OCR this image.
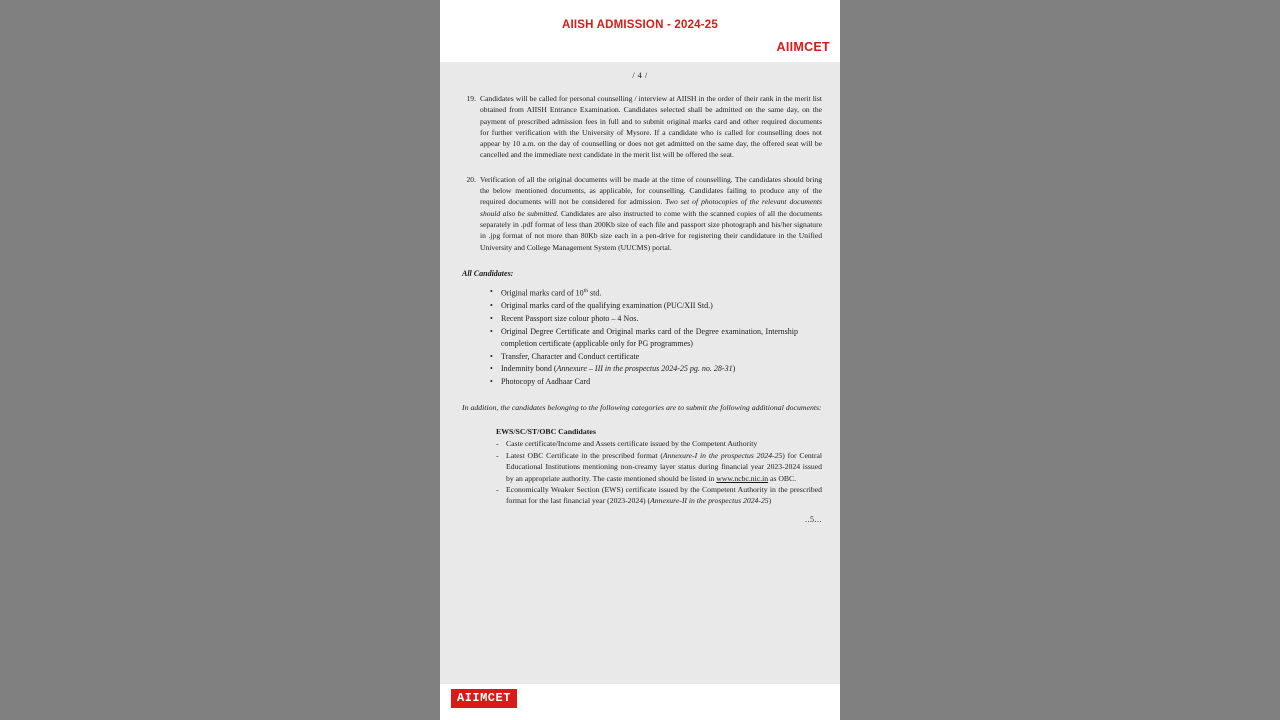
AIISH ADMISSION - 2024-25
AIIMCET
/ 4 /
19. Candidates will be called for personal counselling / interview at AIISH in the order of their rank in the merit list obtained from AIISH Entrance Examination. Candidates selected shall be admitted on the same day, on the payment of prescribed admission fees in full and to submit original marks card and other required documents for further verification with the University of Mysore. If a candidate who is called for counselling does not appear by 10 a.m. on the day of counselling or does not get admitted on the same day, the offered seat will be cancelled and the immediate next candidate in the merit list will be offered the seat.
20. Verification of all the original documents will be made at the time of counselling. The candidates should bring the below mentioned documents, as applicable, for counselling. Candidates failing to produce any of the required documents will not be considered for admission. Two set of photocopies of the relevant documents should also be submitted. Candidates are also instructed to come with the scanned copies of all the documents separately in .pdf format of less than 200Kb size of each file and passport size photograph and his/her signature in .jpg format of not more than 80Kb size each in a pen-drive for registering their candidature in the Unified University and College Management System (UUCMS) portal.
All Candidates:
•	Original marks card of 10th std.
•	Original marks card of the qualifying examination (PUC/XII Std.)
•	Recent Passport size colour photo – 4 Nos.
•	Original Degree Certificate and Original marks card of the Degree examination, Internship completion certificate (applicable only for PG programmes)
•	Transfer, Character and Conduct certificate
•	Indemnity bond (Annexure – III in the prospectus 2024-25 pg. no. 28-31)
•	Photocopy of Aadhaar Card
In addition, the candidates belonging to the following categories are to submit the following additional documents:
EWS/SC/ST/OBC Candidates
- Caste certificate/Income and Assets certificate issued by the Competent Authority
- Latest OBC Certificate in the prescribed format (Annexure-I in the prospectus 2024-25) for Central Educational Institutions mentioning non-creamy layer status during financial year 2023-2024 issued by an appropriate authority. The caste mentioned should be listed in www.ncbc.nic.in as OBC.
- Economically Weaker Section (EWS) certificate issued by the Competent Authority in the prescribed format for the last financial year (2023-2024) (Annexure-II in the prospectus 2024-25)
..5...
AIIMCET
